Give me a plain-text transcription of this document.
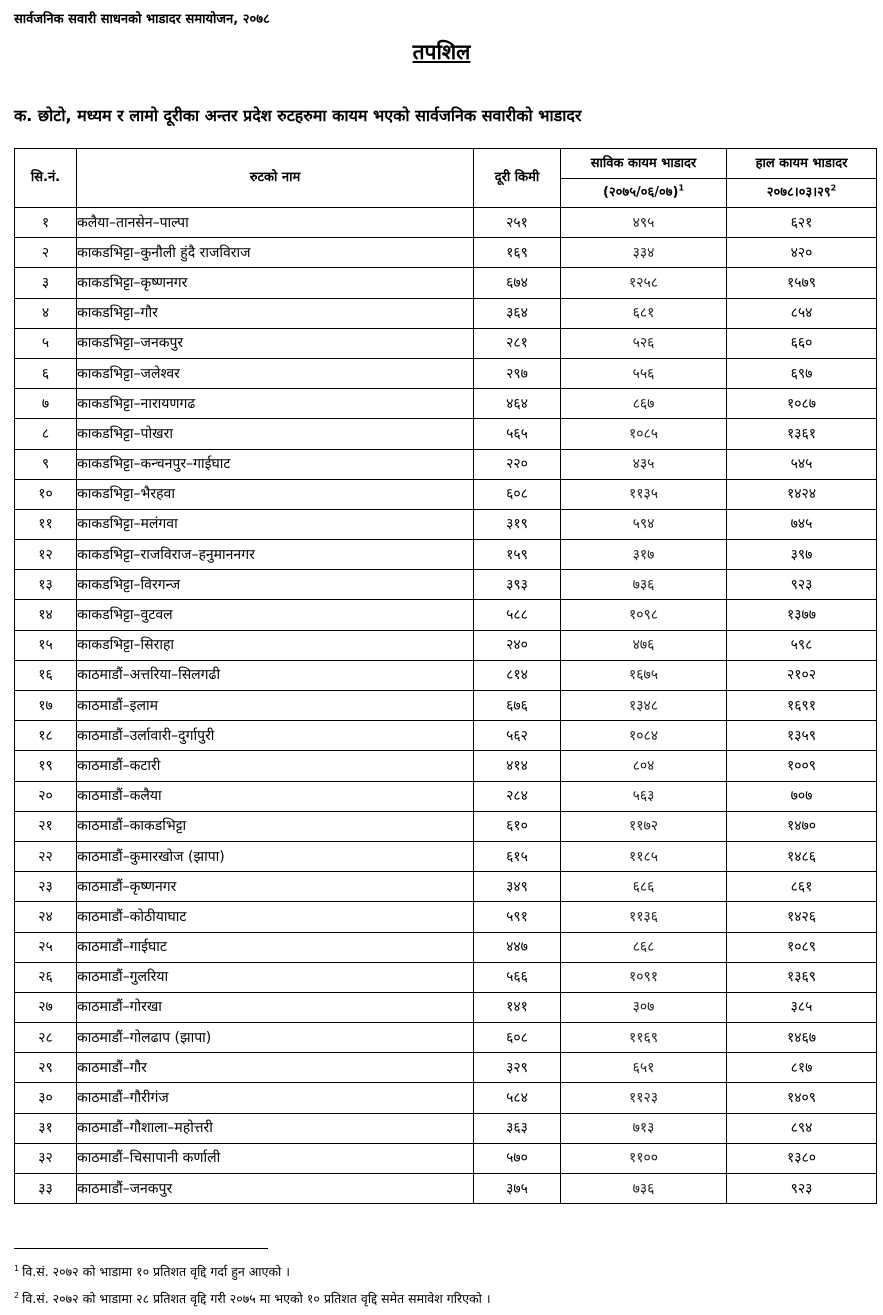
सार्वजनिक सवारी साधनको भाडादर समायोजन, २०७८
तपशिल
क. छोटो, मध्यम र लामो दूरीका अन्तर प्रदेश रुटहरुमा कायम भएको सार्वजनिक सवारीको भाडादर
सि.नं.	रुटको नाम	दूरी किमी	साविक कायम भाडादर	हाल कायम भाडादर
			(२०७५/०६/०७)$^1$	$२०७८।०३।२९^2$
१	कलैया–तानसेन–पाल्पा	२५१	४९५	६२१
२	काकडभिट्टा–कुनौली हुंदै राजविराज	१६९	३३४	४२०
३	काकडभिट्टा–कृष्णनगर	६७४	१२५८	१५७९
४	काकडभिट्टा–गौर	३६४	६८१	८५४
५	काकडभिट्टा–जनकपुर	२८१	५२६	६६०
६	काकडभिट्टा–जलेश्वर	२९७	५५६	६९७
७	काकडभिट्टा–नारायणगढ	४६४	८६७	१०८७
८	काकडभिट्टा–पोखरा	५६५	१०८५	१३६१
९	काकडभिट्टा–कन्चनपुर–गाईघाट	२२०	४३५	५४५
१०	काकडभिट्टा–भैरहवा	६०८	११३५	१४२४
११	काकडभिट्टा–मलंगवा	३१९	५९४	७४५
१२	काकडभिट्टा–राजविराज–हनुमाननगर	१५९	३१७	३९७
१३	काकडभिट्टा–विरगन्ज	३९३	७३६	९२३
१४	काकडभिट्टा–वुटवल	५८८	१०९८	१३७७
१५	काकडभिट्टा–सिराहा	२४०	४७६	५९८
१६	काठमाडौं–अत्तरिया–सिलगढी	८१४	१६७५	२१०२
१७	काठमाडौं–इलाम	६७६	१३४८	१६९१
१८	काठमाडौं–उर्लावारी–दुर्गापुरी	५६२	१०८४	१३५९
१९	काठमाडौं–कटारी	४१४	८०४	१००९
२०	काठमाडौं–कलैया	२८४	५६३	७०७
२१	काठमाडौं–काकडभिट्टा	६१०	११७२	१४७०
२२	काठमाडौं–कुमारखोज (झापा)	६१५	११८५	१४८६
२३	काठमाडौं–कृष्णनगर	३४९	६८६	८६१
२४	काठमाडौं–कोठीयाघाट	५९१	११३६	१४२६
२५	काठमाडौं–गाईघाट	४४७	८६८	१०८९
२६	काठमाडौं–गुलरिया	५६६	१०९१	१३६९
२७	काठमाडौं–गोरखा	१४१	३०७	३८५
२८	काठमाडौं–गोलढाप (झापा)	६०८	११६९	१४६७
२९	काठमाडौं–गौर	३२९	६५१	८१७
३०	काठमाडौं–गौरीगंज	५८४	११२३	१४०९
३१	काठमाडौं–गौशाला–महोत्तरी	३६३	७१३	८९४
३२	काठमाडौं–चिसापानी कर्णाली	५७०	११००	१३८०
३३	काठमाडौं–जनकपुर	३७५	७३६	९२३
$^1$ वि.सं. २०७२ को भाडामा १० प्रतिशत वृद्दि गर्दा हुन आएको ।
$^2$ वि.सं. २०७२ को भाडामा २८ प्रतिशत वृद्दि गरी २०७५ मा भएको १० प्रतिशत वृद्दि समेत समावेश गरिएको ।
